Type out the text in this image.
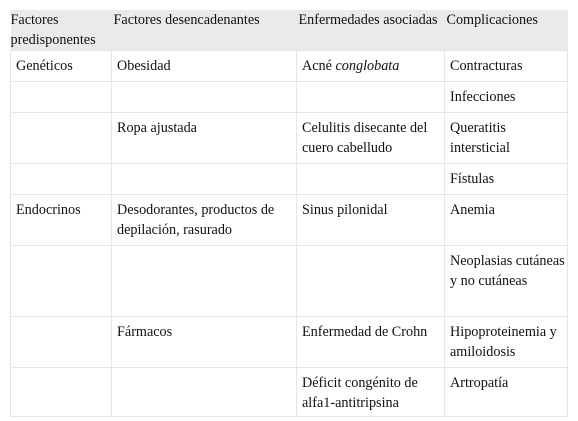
Factores predisponentes	Factores desencadenantes	Enfermedades asociadas	Complicaciones
Genéticos	Obesidad	Acné conglobata	Contracturas
			Infecciones
	Ropa ajustada	Celulitis disecante del cuero cabelludo	Queratitis intersticial
			Fístulas
Endocrinos	Desodorantes, productos de depilación, rasurado	Sinus pilonidal	Anemia
			Neoplasias cutáneas y no cutáneas
	Fármacos	Enfermedad de Crohn	Hipoproteinemia y amiloidosis
		Déficit congénito de alfa1-antitripsina	Artropatía
